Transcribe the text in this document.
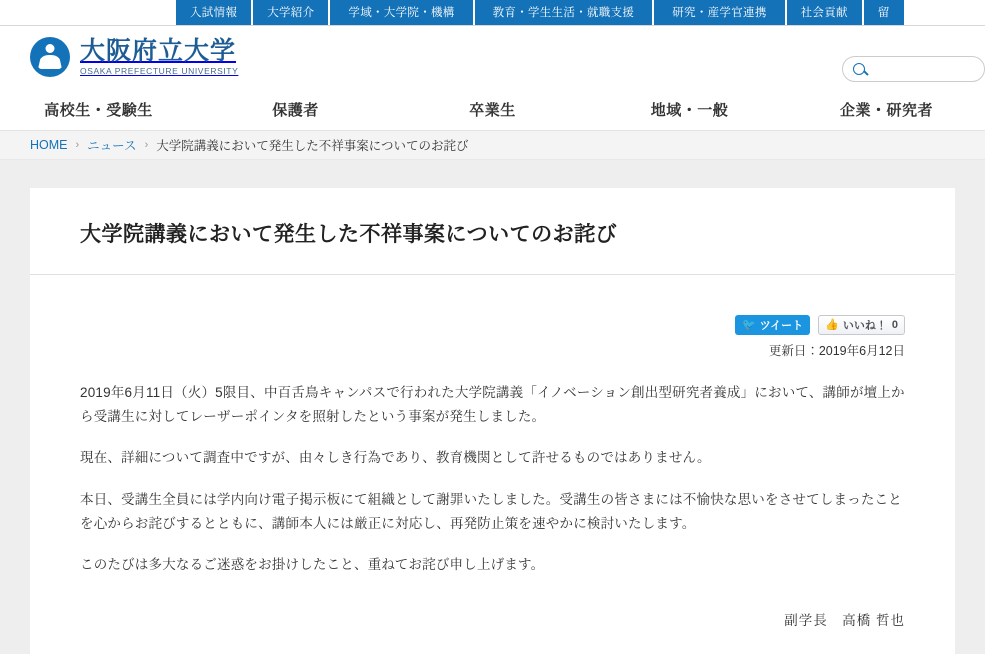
入試情報	大学紹介	学域・大学院・機構	教育・学生生活・就職支援	研究・産学官連携	社会貢献	留
大阪府立大学
OSAKA PREFECTURE UNIVERSITY
高校生・受験生	保護者	卒業生	地域・一般	企業・研究者
HOME › ニュース › 大学院講義において発生した不祥事案についてのお詫び
大学院講義において発生した不祥事案についてのお詫び
🐦 ツイート 👍 いいね！ 0
更新日：2019年6月12日

2019年6月11日（火）5限目、中百舌鳥キャンパスで行われた大学院講義「イノベーション創出型研究者養成」において、講師が壇上から受講生に対してレーザーポインタを照射したという事案が発生しました。

現在、詳細について調査中ですが、由々しき行為であり、教育機関として許せるものではありません。

本日、受講生全員には学内向け電子掲示板にて組織として謝罪いたしました。受講生の皆さまには不愉快な思いをさせてしまったことを心からお詫びするとともに、講師本人には厳正に対応し、再発防止策を速やかに検討いたします。

このたびは多大なるご迷惑をお掛けしたこと、重ねてお詫び申し上げます。

副学長　高橋 哲也
